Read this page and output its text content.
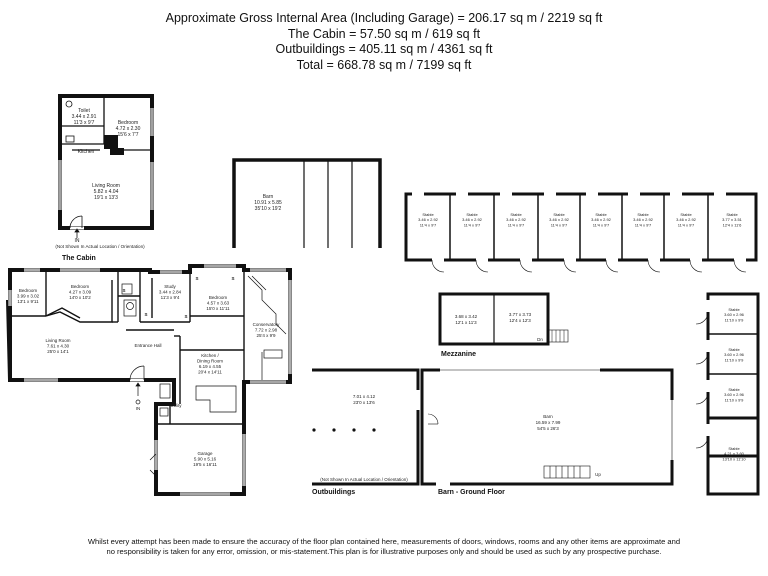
Approximate Gross Internal Area (Including Garage) = 206.17 sq m / 2219 sq ft
The Cabin = 57.50 sq m / 619 sq ft
Outbuildings = 405.11 sq m / 4361 sq ft
Total = 668.78 sq m / 7199 sq ft
Toilet
3.44 x 2.91
11'3 x 9'7	Bedroom
4.72 x 2.30
15'6 x 7'7
Kitchen
Living Room
5.82 x 4.04
19'1 x 13'3
IN
(Not Shown In Actual Location / Orientation)
S	S
S	S
S
Bedroom
3.99 x 3.02
13'1 x 9'11
Bedroom
4.27 x 3.09
14'0 x 10'2
Study
3.44 x 2.84
11'3 x 9'4	Bedroom
4.57 x 3.63
15'0 x 11'11
Conservatory
7.72 x 2.98
25'4 x 9'9
Living Room
7.61 x 4.30
25'0 x 14'1
Entrance Hall
Kitchen /
Dining Room
6.19 x 4.55
20'4 x 14'11
Utility
Garage
5.90 x 5.16
19'5 x 16'11
IN
Barn
10.91 x 5.85
35'10 x 19'2
Stable
3.46 x 2.92
11'4 x 9'7
Stable
3.46 x 2.92
11'4 x 9'7
Stable
3.46 x 2.92
11'4 x 9'7
Stable
3.46 x 2.92
11'4 x 9'7
Stable
3.46 x 2.92
11'4 x 9'7
Stable
3.46 x 2.92
11'4 x 9'7
Stable
3.46 x 2.92
11'4 x 9'7
Stable
3.77 x 3.51
12'4 x 11'6
3.68 x 3.42
12'1 x 11'3
3.77 x 3.73
12'4 x 12'3
Dn
7.01 x 4.12
23'0 x 13'6
Barn
16.59 x 7.99
54'5 x 26'3
Up
(Not Shown In Actual Location / Orientation)
Stable
3.60 x 2.96
11'10 x 9'9
Stable
3.60 x 2.96
11'10 x 9'9
Stable
3.60 x 2.96
11'10 x 9'9
Stable
4.21 x 3.60
13'10 x 11'10
The Cabin
Mezzanine
Outbuildings	Barn - Ground Floor
Whilst every attempt has been made to ensure the accuracy of the floor plan contained here, measurements of doors, windows, rooms and any other items are approximate and
no responsibility is taken for any error, omission, or mis-statement.This plan is for illustrative purposes only and should be used as such by any prospective purchase.
